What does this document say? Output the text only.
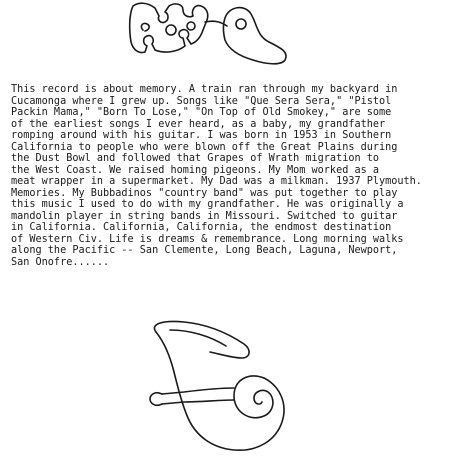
This record is about memory. A train ran through my backyard in
Cucamonga where I grew up. Songs like "Que Sera Sera," "Pistol
Packin Mama," "Born To Lose," "On Top of Old Smokey," are some
of the earliest songs I ever heard, as a baby, my grandfather
romping around with his guitar. I was born in 1953 in Southern
California to people who were blown off the Great Plains during
the Dust Bowl and followed that Grapes of Wrath migration to
the West Coast. We raised homing pigeons. My Mom worked as a
meat wrapper in a supermarket. My Dad was a milkman. 1937 Plymouth.
Memories. My Bubbadinos "country band" was put together to play
this music I used to do with my grandfather. He was originally a
mandolin player in string bands in Missouri. Switched to guitar
in California. California, California, the endmost destination
of Western Civ. Life is dreams & remembrance. Long morning walks
along the Pacific -- San Clemente, Long Beach, Laguna, Newport,
San Onofre......
